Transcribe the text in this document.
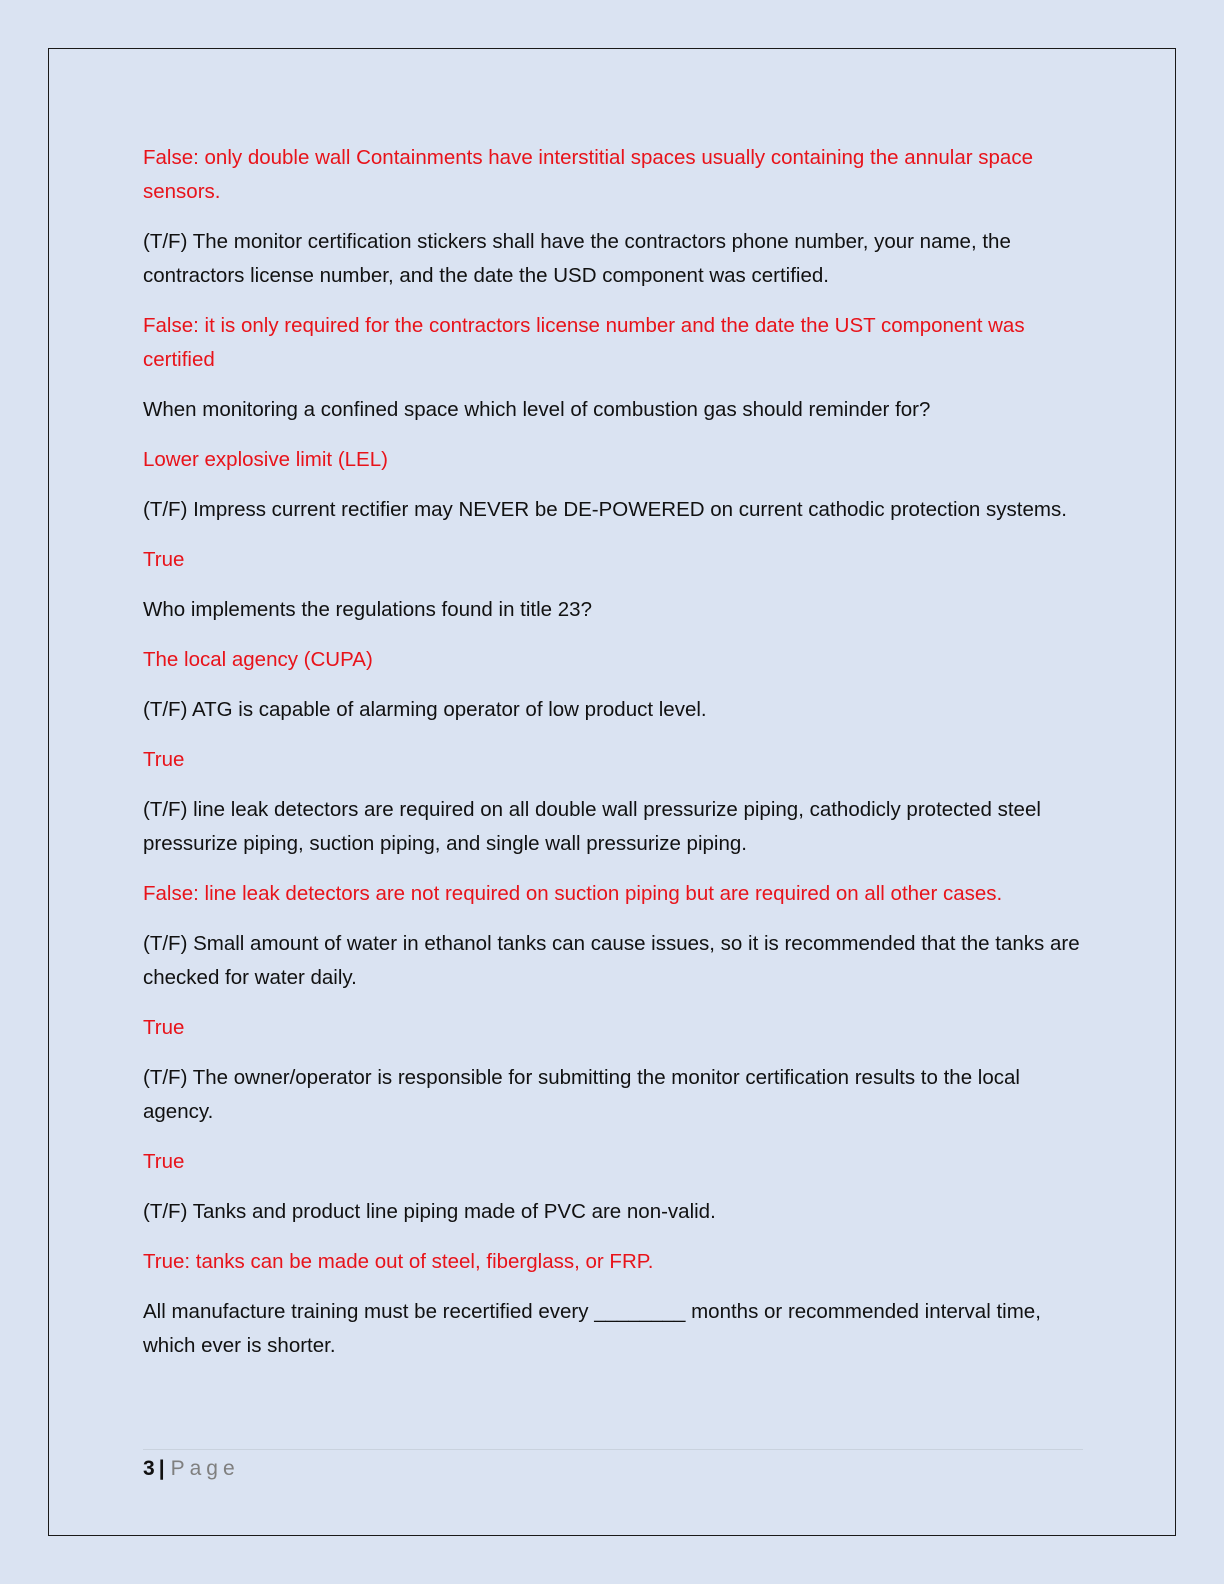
False: only double wall Containments have interstitial spaces usually containing the annular space sensors.

(T/F) The monitor certification stickers shall have the contractors phone number, your name, the contractors license number, and the date the USD component was certified.

False: it is only required for the contractors license number and the date the UST component was certified

When monitoring a confined space which level of combustion gas should reminder for?

Lower explosive limit (LEL)

(T/F) Impress current rectifier may NEVER be DE-POWERED on current cathodic protection systems.

True

Who implements the regulations found in title 23?

The local agency (CUPA)

(T/F) ATG is capable of alarming operator of low product level.

True

(T/F) line leak detectors are required on all double wall pressurize piping, cathodicly protected steel pressurize piping, suction piping, and single wall pressurize piping.

False: line leak detectors are not required on suction piping but are required on all other cases.

(T/F) Small amount of water in ethanol tanks can cause issues, so it is recommended that the tanks are checked for water daily.

True

(T/F) The owner/operator is responsible for submitting the monitor certification results to the local agency.

True

(T/F) Tanks and product line piping made of PVC are non-valid.

True: tanks can be made out of steel, fiberglass, or FRP.

All manufacture training must be recertified every ________ months or recommended interval time, which ever is shorter.

3 | Page
